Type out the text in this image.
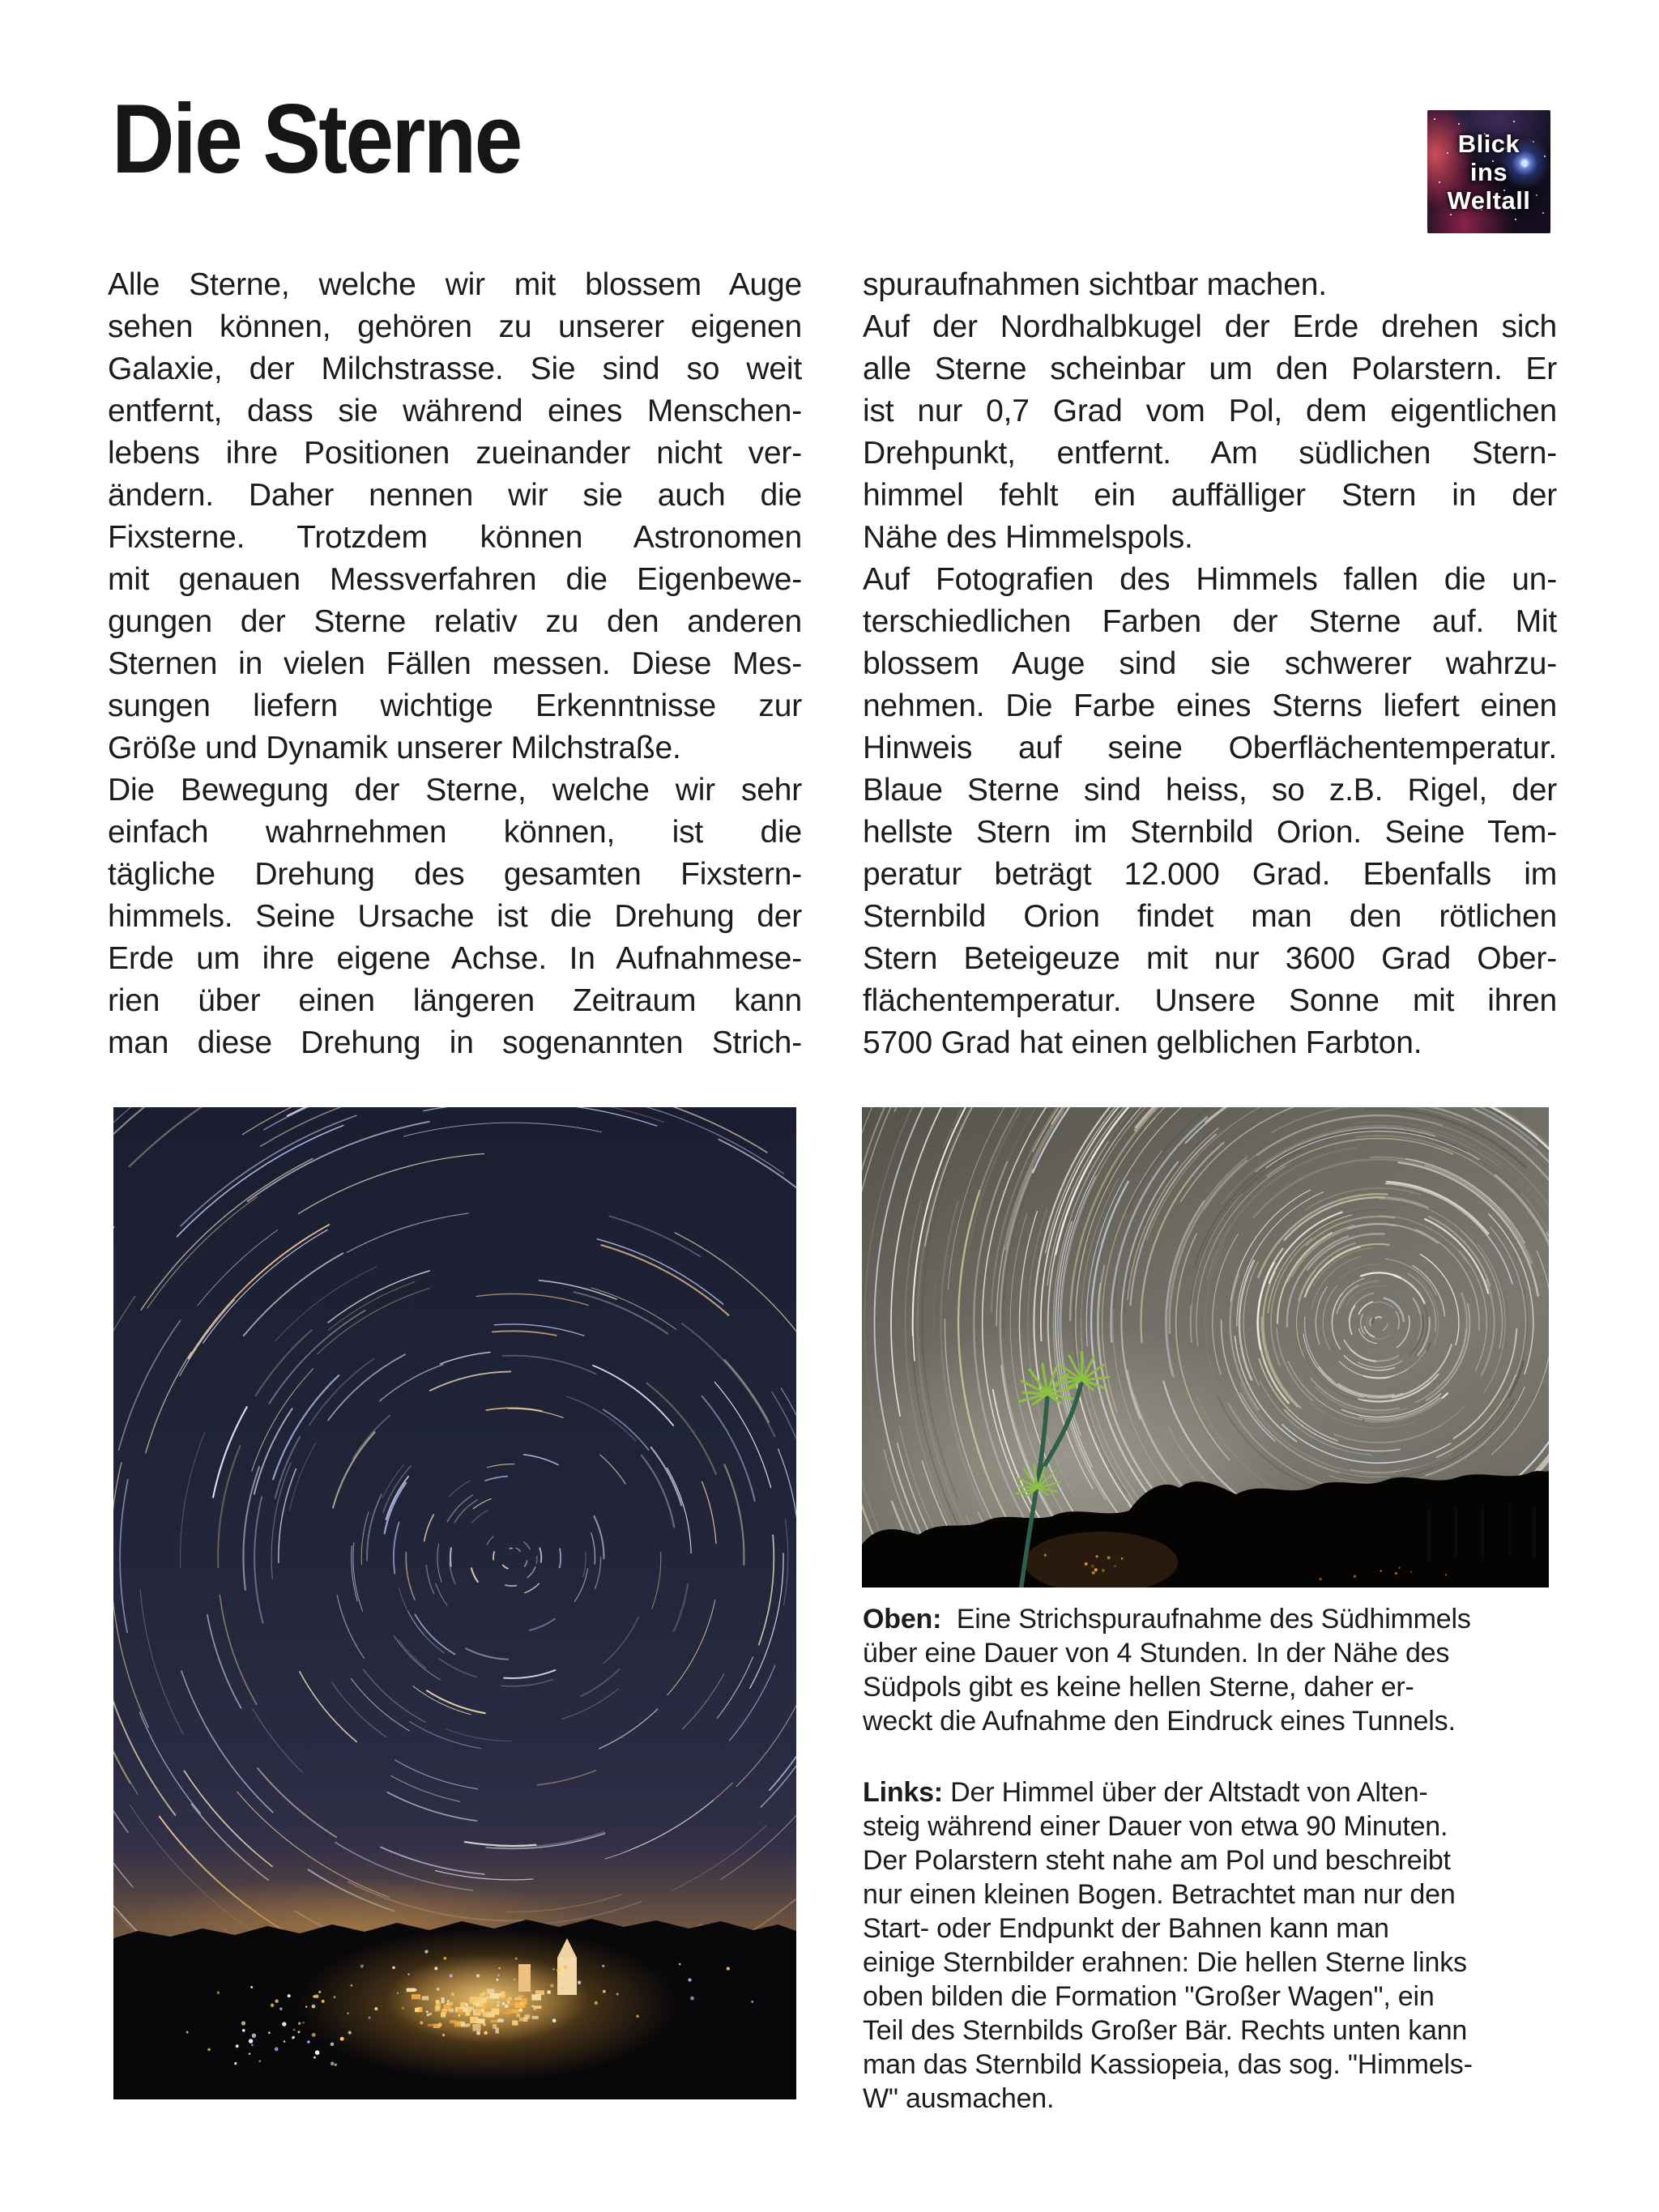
Die Sterne	Blick
ins
Weltall
Alle Sterne, welche wir mit blossem Auge
sehen können, gehören zu unserer eigenen
Galaxie, der Milchstrasse. Sie sind so weit
entfernt, dass sie während eines Menschen-
lebens ihre Positionen zueinander nicht ver-
ändern. Daher nennen wir sie auch die
Fixsterne. Trotzdem können Astronomen
mit genauen Messverfahren die Eigenbewe-
gungen der Sterne relativ zu den anderen
Sternen in vielen Fällen messen. Diese Mes-
sungen liefern wichtige Erkenntnisse zur
Größe und Dynamik unserer Milchstraße.
Die Bewegung der Sterne, welche wir sehr
einfach wahrnehmen können, ist die
tägliche Drehung des gesamten Fixstern-
himmels. Seine Ursache ist die Drehung der
Erde um ihre eigene Achse. In Aufnahmese-
rien über einen längeren Zeitraum kann
man diese Drehung in sogenannten Strich-
spuraufnahmen sichtbar machen.
Auf der Nordhalbkugel der Erde drehen sich
alle Sterne scheinbar um den Polarstern. Er
ist nur 0,7 Grad vom Pol, dem eigentlichen
Drehpunkt, entfernt. Am südlichen Stern-
himmel fehlt ein auffälliger Stern in der
Nähe des Himmelspols.
Auf Fotografien des Himmels fallen die un-
terschiedlichen Farben der Sterne auf. Mit
blossem Auge sind sie schwerer wahrzu-
nehmen. Die Farbe eines Sterns liefert einen
Hinweis auf seine Oberflächentemperatur.
Blaue Sterne sind heiss, so z.B. Rigel, der
hellste Stern im Sternbild Orion. Seine Tem-
peratur beträgt 12.000 Grad. Ebenfalls im
Sternbild Orion findet man den rötlichen
Stern Beteigeuze mit nur 3600 Grad Ober-
flächentemperatur. Unsere Sonne mit ihren
5700 Grad hat einen gelblichen Farbton.
Oben:  Eine Strichspuraufnahme des Südhimmels
über eine Dauer von 4 Stunden. In der Nähe des
Südpols gibt es keine hellen Sterne, daher er-
weckt die Aufnahme den Eindruck eines Tunnels.
Links: Der Himmel über der Altstadt von Alten-
steig während einer Dauer von etwa 90 Minuten.
Der Polarstern steht nahe am Pol und beschreibt
nur einen kleinen Bogen. Betrachtet man nur den
Start- oder Endpunkt der Bahnen kann man
einige Sternbilder erahnen: Die hellen Sterne links
oben bilden die Formation "Großer Wagen", ein
Teil des Sternbilds Großer Bär. Rechts unten kann
man das Sternbild Kassiopeia, das sog. "Himmels-
W" ausmachen.
